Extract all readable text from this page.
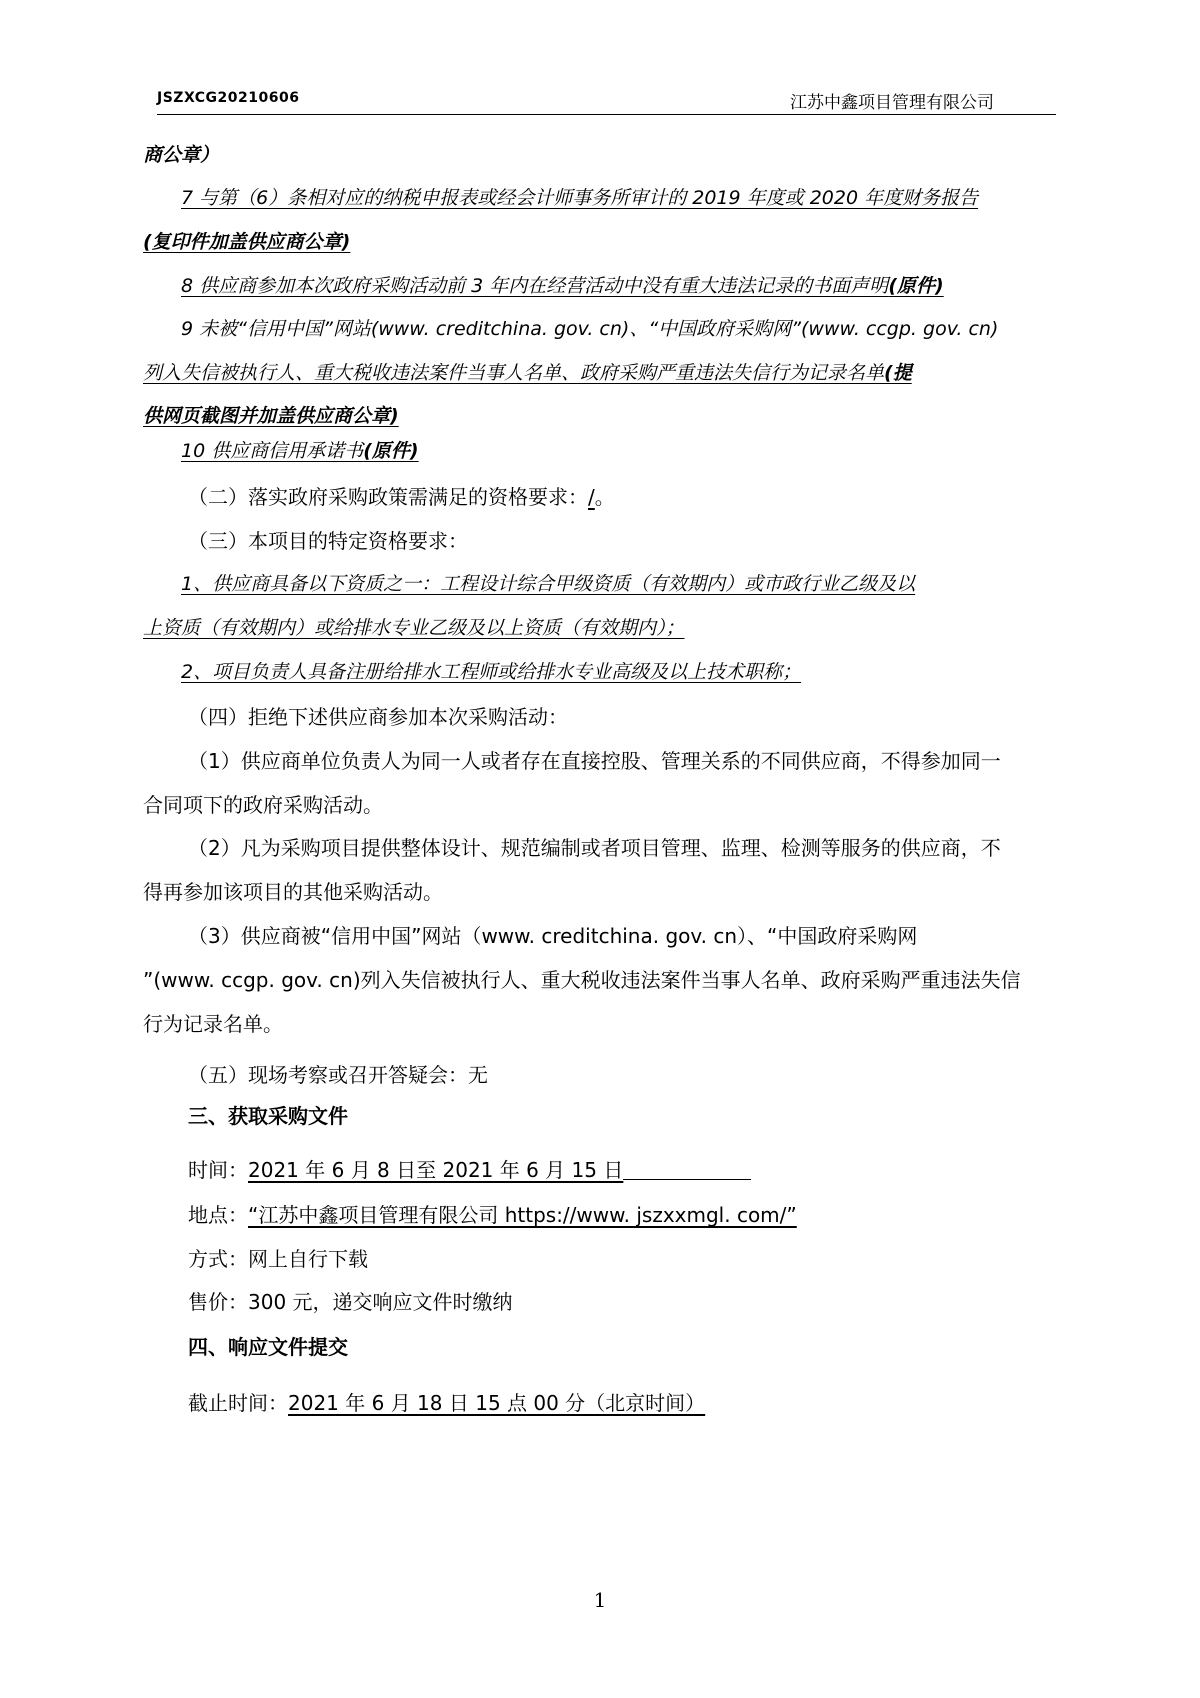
JSZXCG20210606	江苏中鑫项目管理有限公司
商公章）
7 与第（6）条相对应的纳税申报表或经会计师事务所审计的 2019 年度或 2020 年度财务报告
(复印件加盖供应商公章)
8 供应商参加本次政府采购活动前 3 年内在经营活动中没有重大违法记录的书面声明(原件)
9 未被“信用中国”网站(www. creditchina. gov. cn)、“中国政府采购网”(www. ccgp. gov. cn)
列入失信被执行人、重大税收违法案件当事人名单、政府采购严重违法失信行为记录名单(提
供网页截图并加盖供应商公章)
10 供应商信用承诺书(原件)
（二）落实政府采购政策需满足的资格要求：/。
（三）本项目的特定资格要求：
1、供应商具备以下资质之一：工程设计综合甲级资质（有效期内）或市政行业乙级及以
上资质（有效期内）或给排水专业乙级及以上资质（有效期内）；
2、项目负责人具备注册给排水工程师或给排水专业高级及以上技术职称；
（四）拒绝下述供应商参加本次采购活动：
（1）供应商单位负责人为同一人或者存在直接控股、管理关系的不同供应商，不得参加同一
合同项下的政府采购活动。
（2）凡为采购项目提供整体设计、规范编制或者项目管理、监理、检测等服务的供应商，不
得再参加该项目的其他采购活动。
（3）供应商被“信用中国”网站（www. creditchina. gov. cn）、“中国政府采购网
”(www. ccgp. gov. cn)列入失信被执行人、重大税收违法案件当事人名单、政府采购严重违法失信
行为记录名单。
（五）现场考察或召开答疑会：无
三、获取采购文件
时间：2021 年 6 月 8 日至 2021 年 6 月 15 日
地点：“江苏中鑫项目管理有限公司 https://www. jszxxmgl. com/”
方式：网上自行下载
售价：300 元，递交响应文件时缴纳
四、响应文件提交
截止时间：2021 年 6 月 18 日 15 点 00 分（北京时间）
1
